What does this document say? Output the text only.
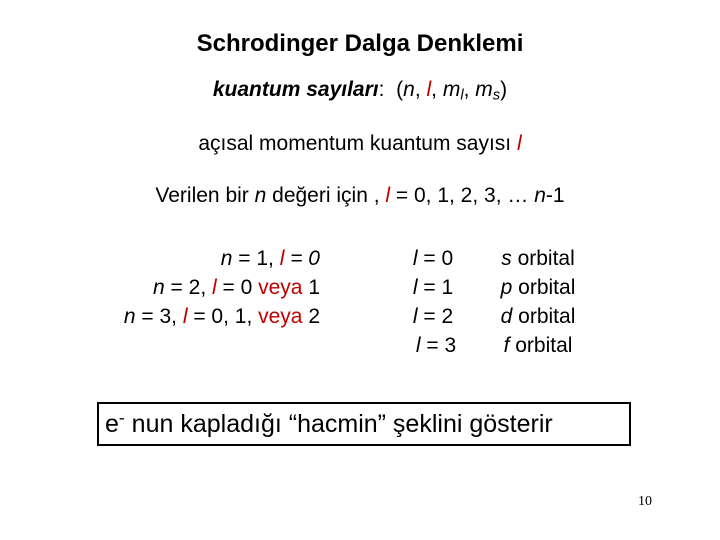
Schrodinger Dalga Denklemi
kuantum sayıları: (n, l, $m_l$, $m_s$)
açısal momentum kuantum sayısı l
Verilen bir n değeri için , l = 0, 1, 2, 3, … n-1
n = 1, l = 0
n = 2, l = 0 veya 1
n = 3, l = 0, 1, veya 2
l = 0
l = 1
l = 2
l = 3
s orbital
p orbital
d orbital
f orbital
e- nun kapladığı “hacmin” şeklini gösterir
10
